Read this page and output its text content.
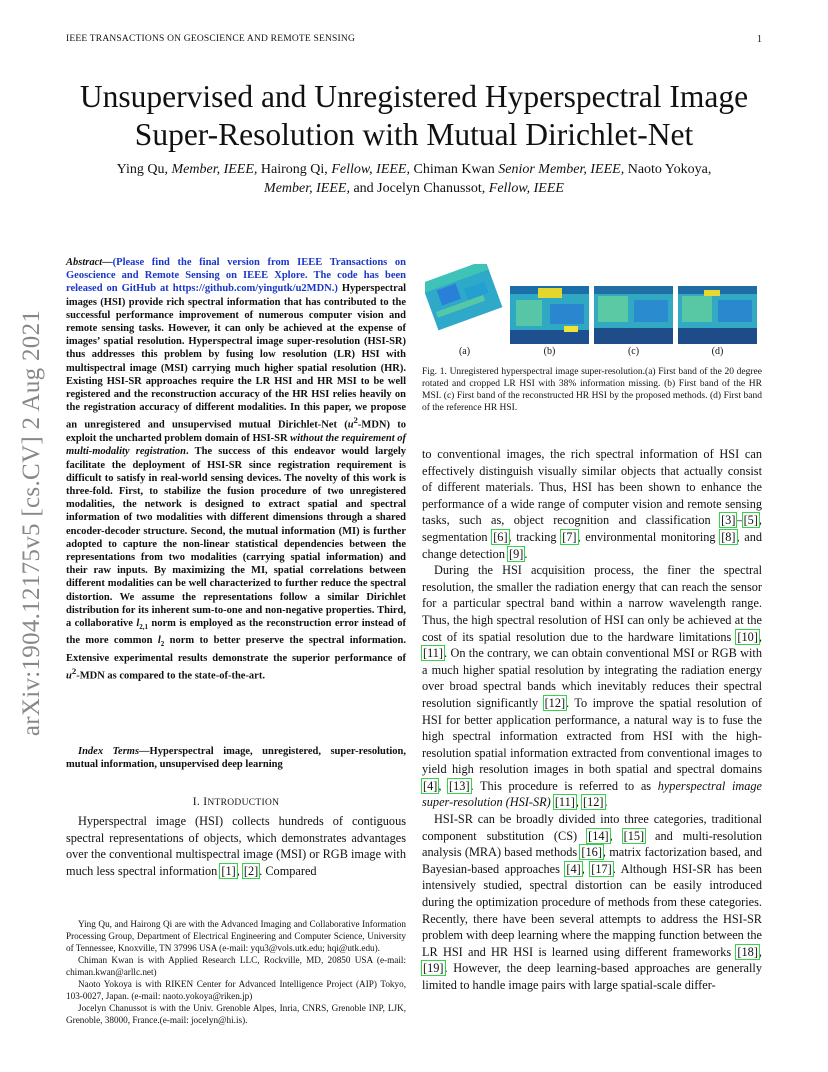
IEEE TRANSACTIONS ON GEOSCIENCE AND REMOTE SENSING	1
arXiv:1904.12175v5 [cs.CV] 2 Aug 2021
Unsupervised and Unregistered Hyperspectral Image Super-Resolution with Mutual Dirichlet-Net
Ying Qu, Member, IEEE, Hairong Qi, Fellow, IEEE, Chiman Kwan Senior Member, IEEE, Naoto Yokoya,
Member, IEEE, and Jocelyn Chanussot, Fellow, IEEE
Abstract—(Please find the final version from IEEE Transactions on Geoscience and Remote Sensing on IEEE Xplore. The code has been released on GitHub at https://github.com/yingutk/u2MDN.) Hyperspectral images (HSI) provide rich spectral information that has contributed to the successful performance improvement of numerous computer vision and remote sensing tasks. However, it can only be achieved at the expense of images’ spatial resolution. Hyperspectral image super-resolution (HSI-SR) thus addresses this problem by fusing low resolution (LR) HSI with multispectral image (MSI) carrying much higher spatial resolution (HR). Existing HSI-SR approaches require the LR HSI and HR MSI to be well registered and the reconstruction accuracy of the HR HSI relies heavily on the registration accuracy of different modalities. In this paper, we propose an unregistered and unsupervised mutual Dirichlet-Net $(u^2-MDN)$ to exploit the uncharted problem domain of HSI-SR without the requirement of multi-modality registration. The success of this endeavor would largely facilitate the deployment of HSI-SR since registration requirement is difficult to satisfy in real-world sensing devices. The novelty of this work is three-fold. First, to stabilize the fusion procedure of two unregistered modalities, the network is designed to extract spatial and spectral information of two modalities with different dimensions through a shared encoder-decoder structure. Second, the mutual information (MI) is further adopted to capture the non-linear statistical dependencies between the representations from two modalities (carrying spatial information) and their raw inputs. By maximizing the MI, spatial correlations between different modalities can be well characterized to further reduce the spectral distortion. We assume the representations follow a similar Dirichlet distribution for its inherent sum-to-one and non-negative properties. Third, a collaborative $l_{2,1}$ norm is employed as the reconstruction error instead of the more common $l_2$ norm to better preserve the spectral information. Extensive experimental results demonstrate the superior performance of $u^2$-MDN as compared to the state-of-the-art.
Index Terms—Hyperspectral image, unregistered, super-resolution, mutual information, unsupervised deep learning
I. INTRODUCTION
Hyperspectral image (HSI) collects hundreds of contiguous spectral representations of objects, which demonstrates advantages over the conventional multispectral image (MSI) or RGB image with much less spectral information [1], [2]. Compared

Ying Qu, and Hairong Qi are with the Advanced Imaging and Collaborative Information Processing Group, Department of Electrical Engineering and Computer Science, University of Tennessee, Knoxville, TN 37996 USA (e-mail: yqu3@vols.utk.edu; hqi@utk.edu).

Chiman Kwan is with Applied Research LLC, Rockville, MD, 20850 USA (e-mail: chiman.kwan@arllc.net)

Naoto Yokoya is with RIKEN Center for Advanced Intelligence Project (AIP) Tokyo, 103-0027, Japan. (e-mail: naoto.yokoya@riken.jp)

Jocelyn Chanussot is with the Univ. Grenoble Alpes, Inria, CNRS, Grenoble INP, LJK, Grenoble, 38000, France.(e-mail: jocelyn@hi.is).

(a)	(b)	(c)	(d)
Fig. 1. Unregistered hyperspectral image super-resolution.(a) First band of the 20 degree rotated and cropped LR HSI with 38% information missing. (b) First band of the HR MSI. (c) First band of the reconstructed HR HSI by the proposed methods. (d) First band of the reference HR HSI.

to conventional images, the rich spectral information of HSI can effectively distinguish visually similar objects that actually consist of different materials. Thus, HSI has been shown to enhance the performance of a wide range of computer vision and remote sensing tasks, such as, object recognition and classification [3]–[5], segmentation [6], tracking [7], environmental monitoring [8], and change detection [9].

During the HSI acquisition process, the finer the spectral resolution, the smaller the radiation energy that can reach the sensor for a particular spectral band within a narrow wavelength range. Thus, the high spectral resolution of HSI can only be achieved at the cost of its spatial resolution due to the hardware limitations [10], [11]. On the contrary, we can obtain conventional MSI or RGB with a much higher spatial resolution by integrating the radiation energy over broad spectral bands which inevitably reduces their spectral resolution significantly [12]. To improve the spatial resolution of HSI for better application performance, a natural way is to fuse the high spectral information extracted from HSI with the high-resolution spatial information extracted from conventional images to yield high resolution images in both spatial and spectral domains [4], [13]. This procedure is referred to as hyperspectral image super-resolution (HSI-SR) [11], [12].

HSI-SR can be broadly divided into three categories, traditional component substitution (CS) [14], [15] and multi-resolution analysis (MRA) based methods [16], matrix factorization based, and Bayesian-based approaches [4], [17]. Although HSI-SR has been intensively studied, spectral distortion can be easily introduced during the optimization procedure of methods from these categories. Recently, there have been several attempts to address the HSI-SR problem with deep learning where the mapping function between the LR HSI and HR HSI is learned using different frameworks [18], [19]. However, the deep learning-based approaches are generally limited to handle image pairs with large spatial-scale differ-
